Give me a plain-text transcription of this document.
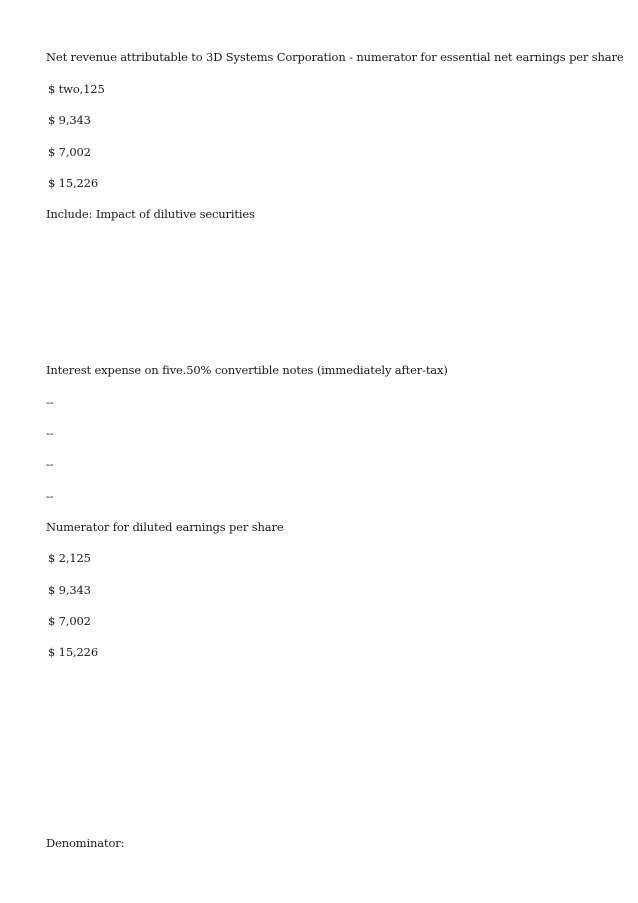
Net revenue attributable to 3D Systems Corporation - numerator for essential net earnings per share
$ two,125
$ 9,343
$ 7,002
$ 15,226
Include: Impact of dilutive securities
Interest expense on five.50% convertible notes (immediately after-tax)
--
--
--
--
Numerator for diluted earnings per share
$ 2,125
$ 9,343
$ 7,002
$ 15,226
Denominator:
